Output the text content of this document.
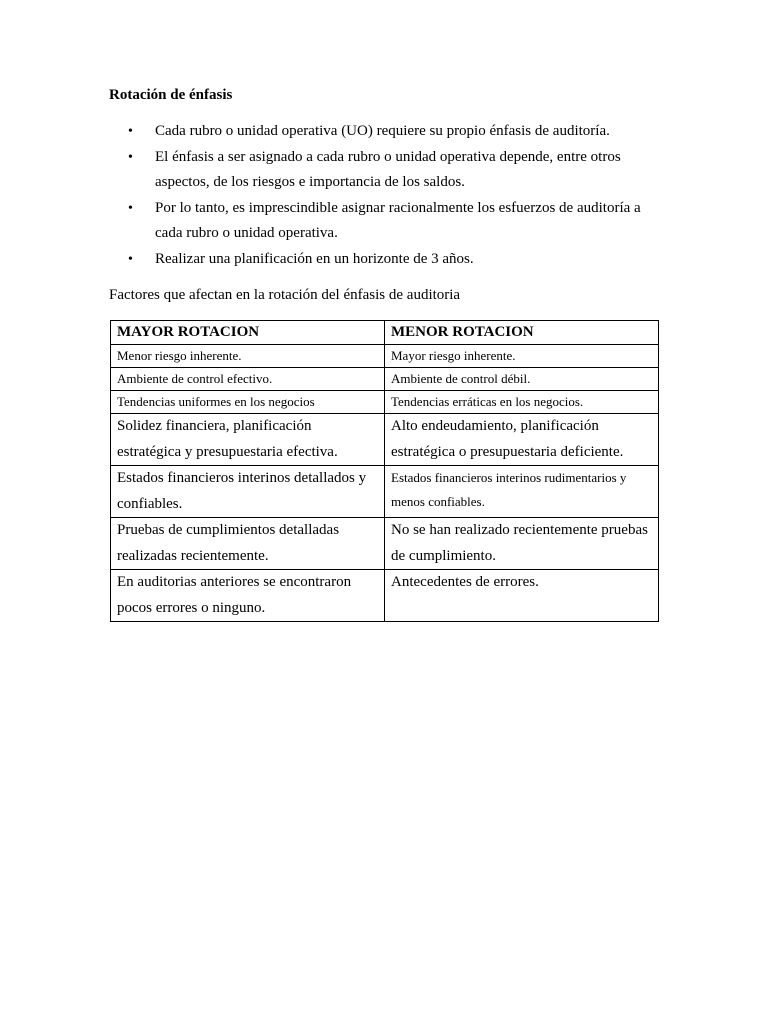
Rotación de énfasis

• Cada rubro o unidad operativa (UO) requiere su propio énfasis de auditoría.
• El énfasis a ser asignado a cada rubro o unidad operativa depende, entre otros aspectos, de los riesgos e importancia de los saldos.
• Por lo tanto, es imprescindible asignar racionalmente los esfuerzos de auditoría a cada rubro o unidad operativa.
• Realizar una planificación en un horizonte de 3 años.

Factores que afectan en la rotación del énfasis de auditoria

MAYOR ROTACION	MENOR ROTACION
Menor riesgo inherente.	Mayor riesgo inherente.
Ambiente de control efectivo.	Ambiente de control débil.
Tendencias uniformes en los negocios	Tendencias erráticas en los negocios.
Solidez financiera, planificación estratégica y presupuestaria efectiva.	Alto endeudamiento, planificación estratégica o presupuestaria deficiente.
Estados financieros interinos detallados y confiables.	Estados financieros interinos rudimentarios y menos confiables.
Pruebas de cumplimientos detalladas realizadas recientemente.	No se han realizado recientemente pruebas de cumplimiento.
En auditorias anteriores se encontraron pocos errores o ninguno.	Antecedentes de errores.
